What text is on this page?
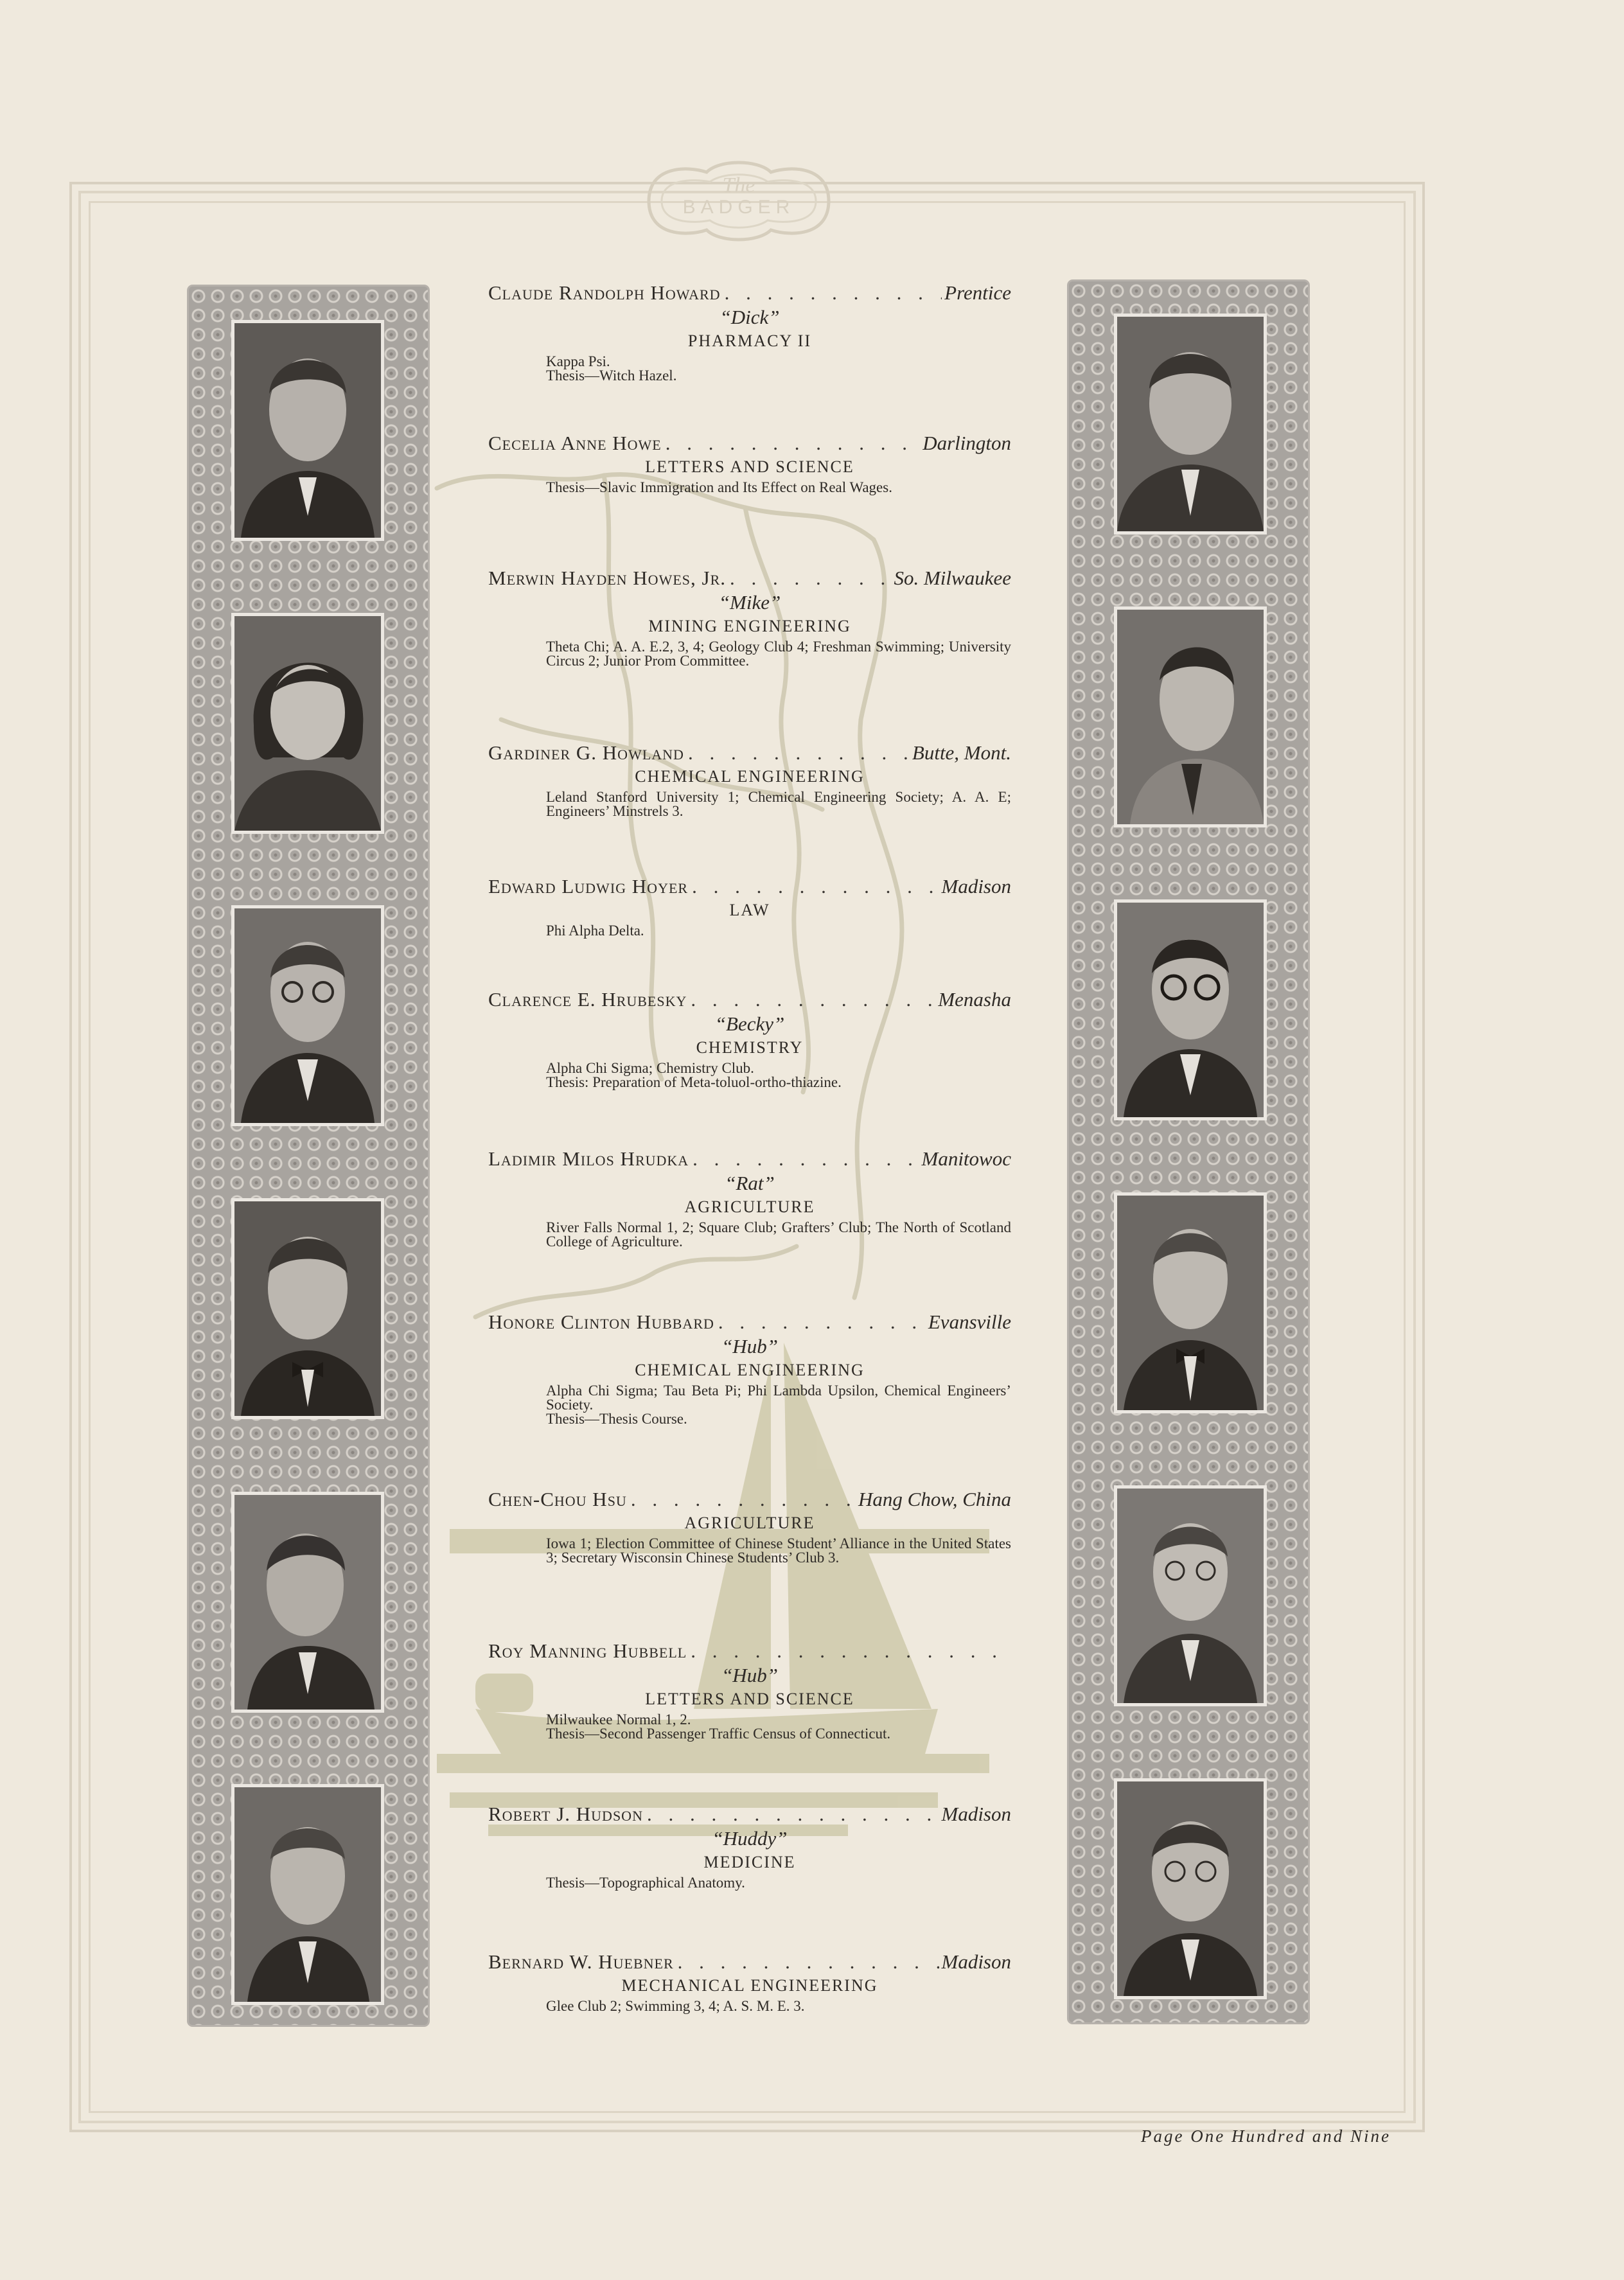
The
BADGER
Claude Randolph Howard . . .	Prentice
“Dick”
PHARMACY II
Kappa Psi.
Thesis—Witch Hazel.
Cecelia Anne Howe . . .	Darlington
LETTERS AND SCIENCE
Thesis—Slavic Immigration and Its Effect on Real Wages.
Merwin Hayden Howes, Jr. . . .	So. Milwaukee
“Mike”
MINING ENGINEERING
Theta Chi; A. A. E.2, 3, 4; Geology Club 4; Freshman Swimming; University Circus 2; Junior Prom Committee.
Gardiner G. Howland . . .	Butte, Mont.
CHEMICAL ENGINEERING
Leland Stanford University 1; Chemical Engineering Society; A. A. E; Engineers’ Minstrels 3.
Edward Ludwig Hoyer . . .	Madison
LAW
Phi Alpha Delta.
Clarence E. Hrubesky . . .	Menasha
“Becky”
CHEMISTRY
Alpha Chi Sigma; Chemistry Club.
Thesis: Preparation of Meta-toluol-ortho-thiazine.
Ladimir Milos Hrudka . . .	Manitowoc
“Rat”
AGRICULTURE
River Falls Normal 1, 2; Square Club; Grafters’ Club; The North of Scotland College of Agriculture.
Honore Clinton Hubbard . . .	Evansville
“Hub”
CHEMICAL ENGINEERING
Alpha Chi Sigma; Tau Beta Pi; Phi Lambda Upsilon, Chemical Engineers’ Society.
Thesis—Thesis Course.
Chen-Chou Hsu . . .	Hang Chow, China
AGRICULTURE
Iowa 1; Election Committee of Chinese Student’ Alliance in the United States 3; Secretary Wisconsin Chinese Students’ Club 3.
Roy Manning Hubbell
. . .
“Hub”
LETTERS AND SCIENCE
Milwaukee Normal 1, 2.
Thesis—Second Passenger Traffic Census of Connecticut.
Robert J. Hudson . . .	Madison
“Huddy”
MEDICINE
Thesis—Topographical Anatomy.
Bernard W. Huebner . . .	Madison
MECHANICAL ENGINEERING
Glee Club 2; Swimming 3, 4; A. S. M. E. 3.
Page One Hundred and Nine
